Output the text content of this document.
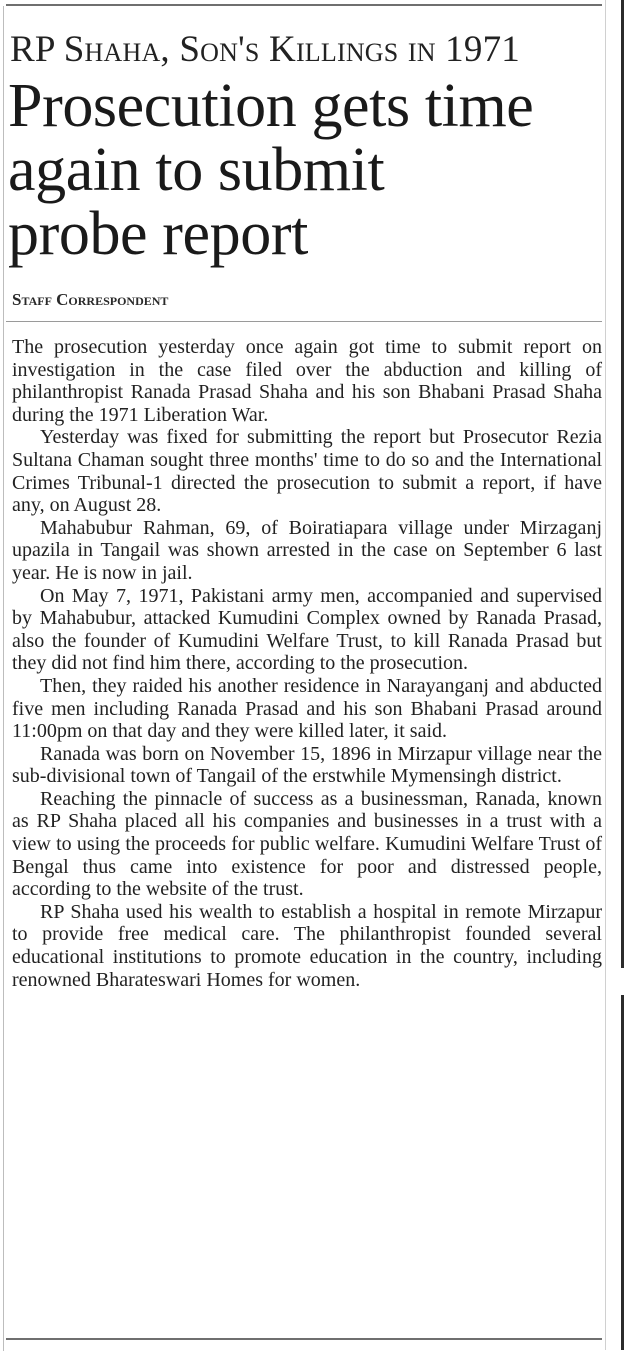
RP Shaha, Son's Killings in 1971
Prosecution gets time
again to submit
probe report
Staff Correspondent

The prosecution yesterday once again got time to submit report on investigation in the case filed over the abduction and killing of philanthropist Ranada Prasad Shaha and his son Bhabani Prasad Shaha during the 1971 Liberation War.

Yesterday was fixed for submitting the report but Prosecutor Rezia Sultana Chaman sought three months' time to do so and the International Crimes Tribunal-1 directed the prosecution to submit a report, if have any, on August 28.

Mahabubur Rahman, 69, of Boiratiapara village under Mirzaganj upazila in Tangail was shown arrested in the case on September 6 last year. He is now in jail.

On May 7, 1971, Pakistani army men, accompanied and supervised by Mahabubur, attacked Kumudini Complex owned by Ranada Prasad, also the founder of Kumudini Welfare Trust, to kill Ranada Prasad but they did not find him there, according to the prosecution.

Then, they raided his another residence in Narayanganj and abducted five men including Ranada Prasad and his son Bhabani Prasad around 11:00pm on that day and they were killed later, it said.

Ranada was born on November 15, 1896 in Mirzapur village near the sub-divisional town of Tangail of the erstwhile Mymensingh district.

Reaching the pinnacle of success as a businessman, Ranada, known as RP Shaha placed all his companies and businesses in a trust with a view to using the proceeds for public welfare. Kumudini Welfare Trust of Bengal thus came into existence for poor and distressed people, according to the website of the trust.

RP Shaha used his wealth to establish a hospital in remote Mirzapur to provide free medical care. The philanthropist founded several educational institutions to promote education in the country, including renowned Bharateswari Homes for women.
